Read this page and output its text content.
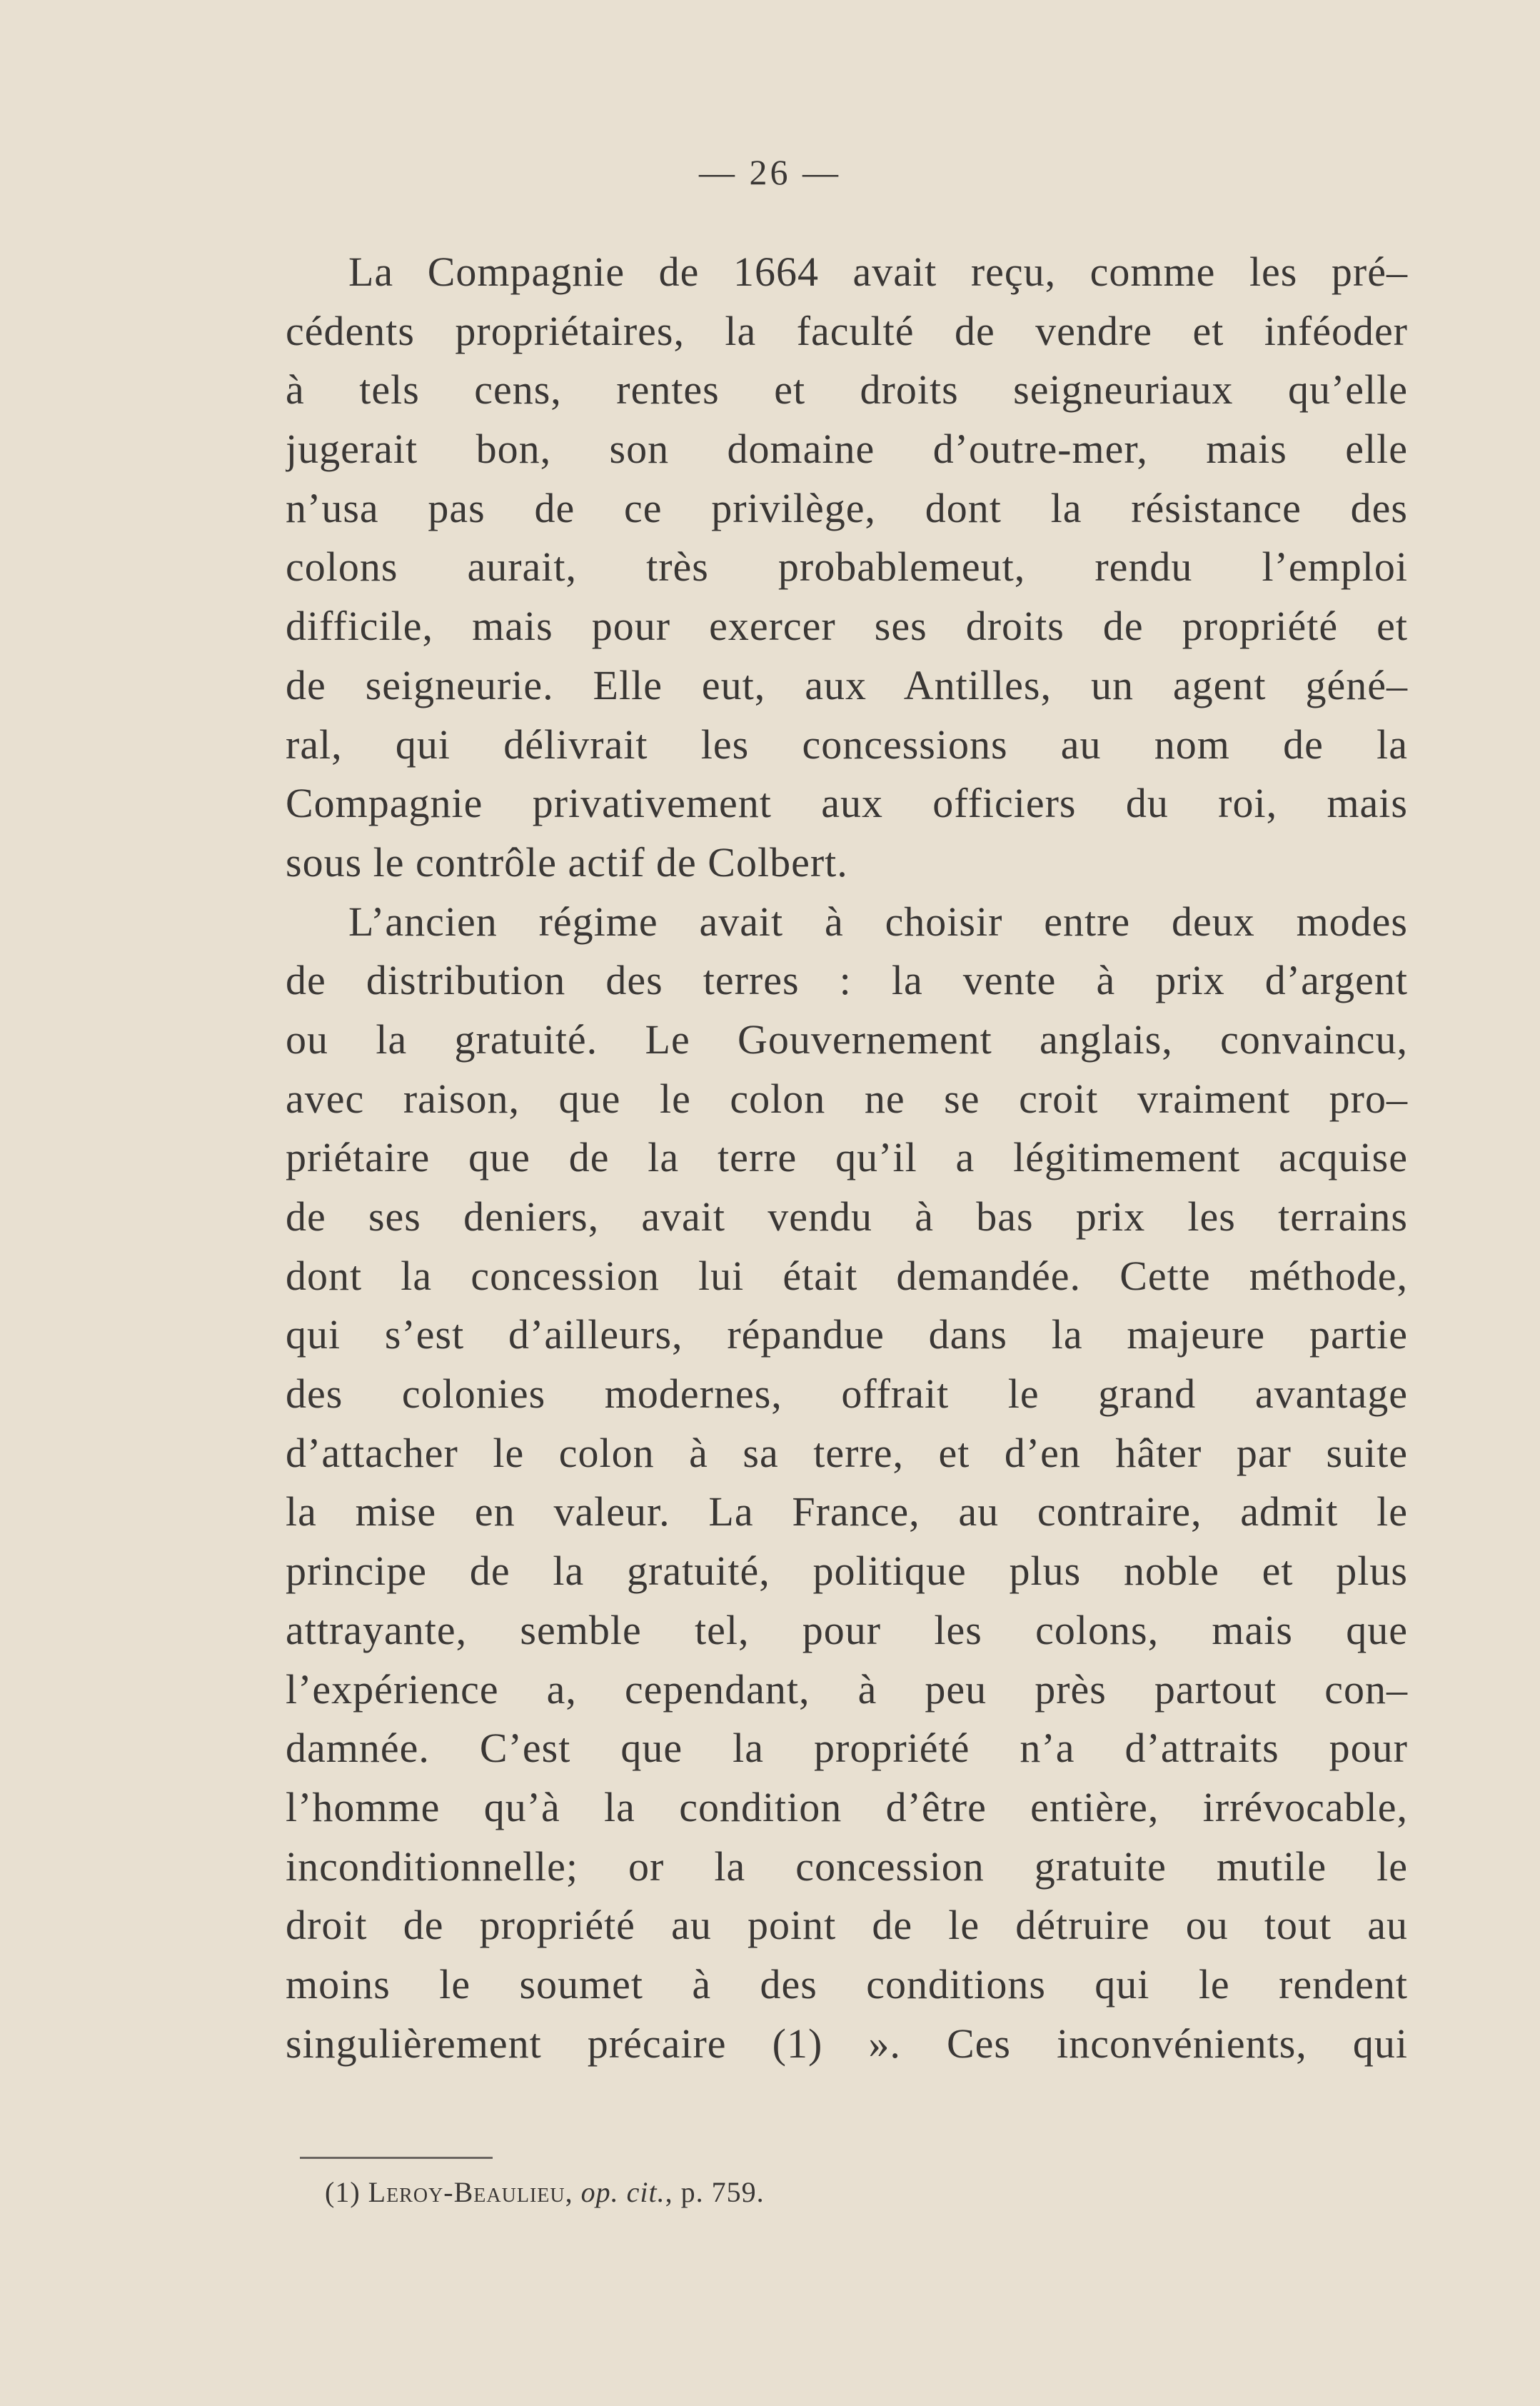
— 26 —
La Compagnie de 1664 avait reçu, comme les pré–
cédents propriétaires, la faculté de vendre et inféoder
à tels cens, rentes et droits seigneuriaux qu’elle
jugerait bon, son domaine d’outre-mer, mais elle
n’usa pas de ce privilège, dont la résistance des
colons aurait, très probablemeut, rendu l’emploi
difficile, mais pour exercer ses droits de propriété et
de seigneurie. Elle eut, aux Antilles, un agent géné–
ral, qui délivrait les concessions au nom de la
Compagnie privativement aux officiers du roi, mais
sous le contrôle actif de Colbert.
L’ancien régime avait à choisir entre deux modes
de distribution des terres : la vente à prix d’argent
ou la gratuité. Le Gouvernement anglais, convaincu,
avec raison, que le colon ne se croit vraiment pro–
priétaire que de la terre qu’il a légitimement acquise
de ses deniers, avait vendu à bas prix les terrains
dont la concession lui était demandée. Cette méthode,
qui s’est d’ailleurs, répandue dans la majeure partie
des colonies modernes, offrait le grand avantage
d’attacher le colon à sa terre, et d’en hâter par suite
la mise en valeur. La France, au contraire, admit le
principe de la gratuité, politique plus noble et plus
attrayante, semble tel, pour les colons, mais que
l’expérience a, cependant, à peu près partout con–
damnée. C’est que la propriété n’a d’attraits pour
l’homme qu’à la condition d’être entière, irrévocable,
inconditionnelle; or la concession gratuite mutile le
droit de propriété au point de le détruire ou tout au
moins le soumet à des conditions qui le rendent
singulièrement précaire (1) ». Ces inconvénients, qui
(1) Leroy-Beaulieu, op. cit., p. 759.
